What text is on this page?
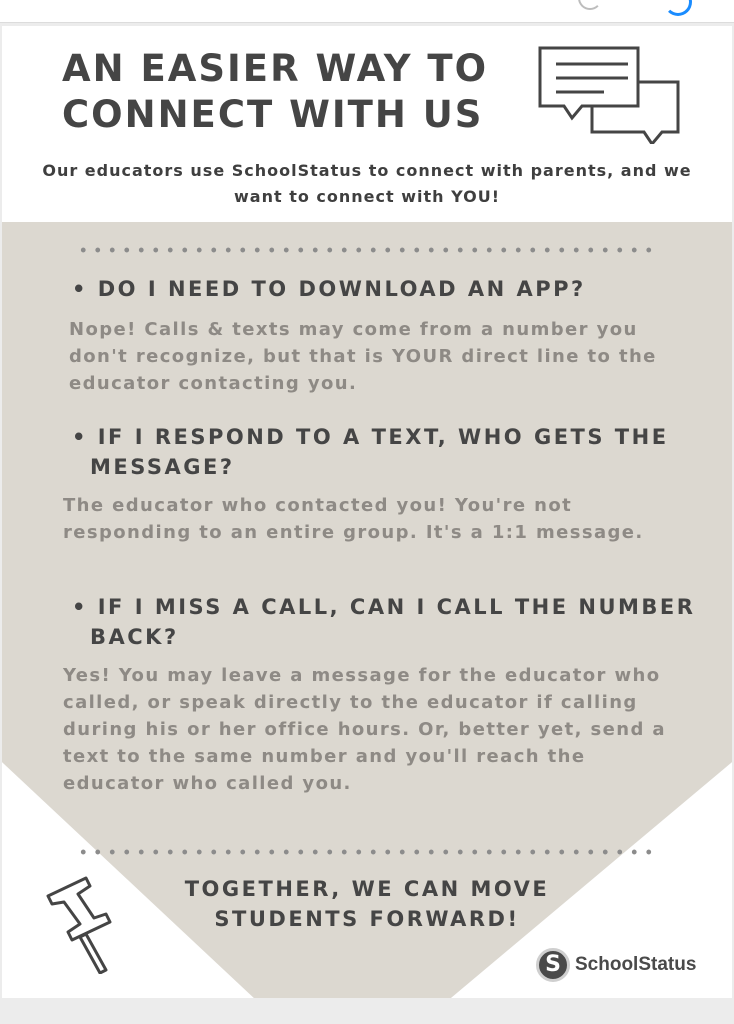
AN EASIER WAY TO CONNECT WITH US

Our educators use SchoolStatus to connect with parents, and we want to connect with YOU!

• DO I NEED TO DOWNLOAD AN APP?

Nope! Calls & texts may come from a number you don't recognize, but that is YOUR direct line to the educator contacting you.

• IF I RESPOND TO A TEXT, WHO GETS THE MESSAGE?

The educator who contacted you! You're not responding to an entire group. It's a 1:1 message.

• IF I MISS A CALL, CAN I CALL THE NUMBER BACK?

Yes! You may leave a message for the educator who called, or speak directly to the educator if calling during his or her office hours. Or, better yet, send a text to the same number and you'll reach the educator who called you.

TOGETHER, WE CAN MOVE STUDENTS FORWARD!

S SchoolStatus
